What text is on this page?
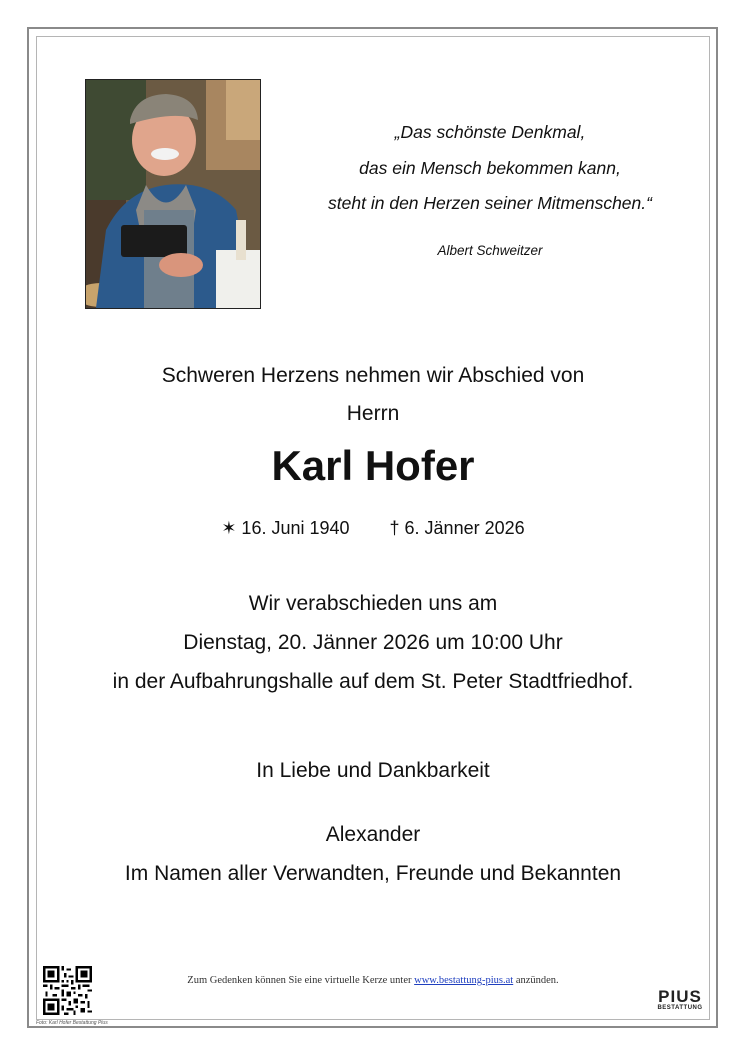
„Das schönste Denkmal,
das ein Mensch bekommen kann,
steht in den Herzen seiner Mitmenschen.“
Albert Schweitzer
Schweren Herzens nehmen wir Abschied von
Herrn
Karl Hofer
✶ 16. Juni 1940        † 6. Jänner 2026
Wir verabschieden uns am
Dienstag, 20. Jänner 2026 um 10:00 Uhr
in der Aufbahrungshalle auf dem St. Peter Stadtfriedhof.
In Liebe und Dankbarkeit
Alexander
Im Namen aller Verwandten, Freunde und Bekannten
Foto: Karl Hofer Bestattung Pius
Zum Gedenken können Sie eine virtuelle Kerze unter www.bestattung-pius.at anzünden.
PIUS
BESTATTUNG
